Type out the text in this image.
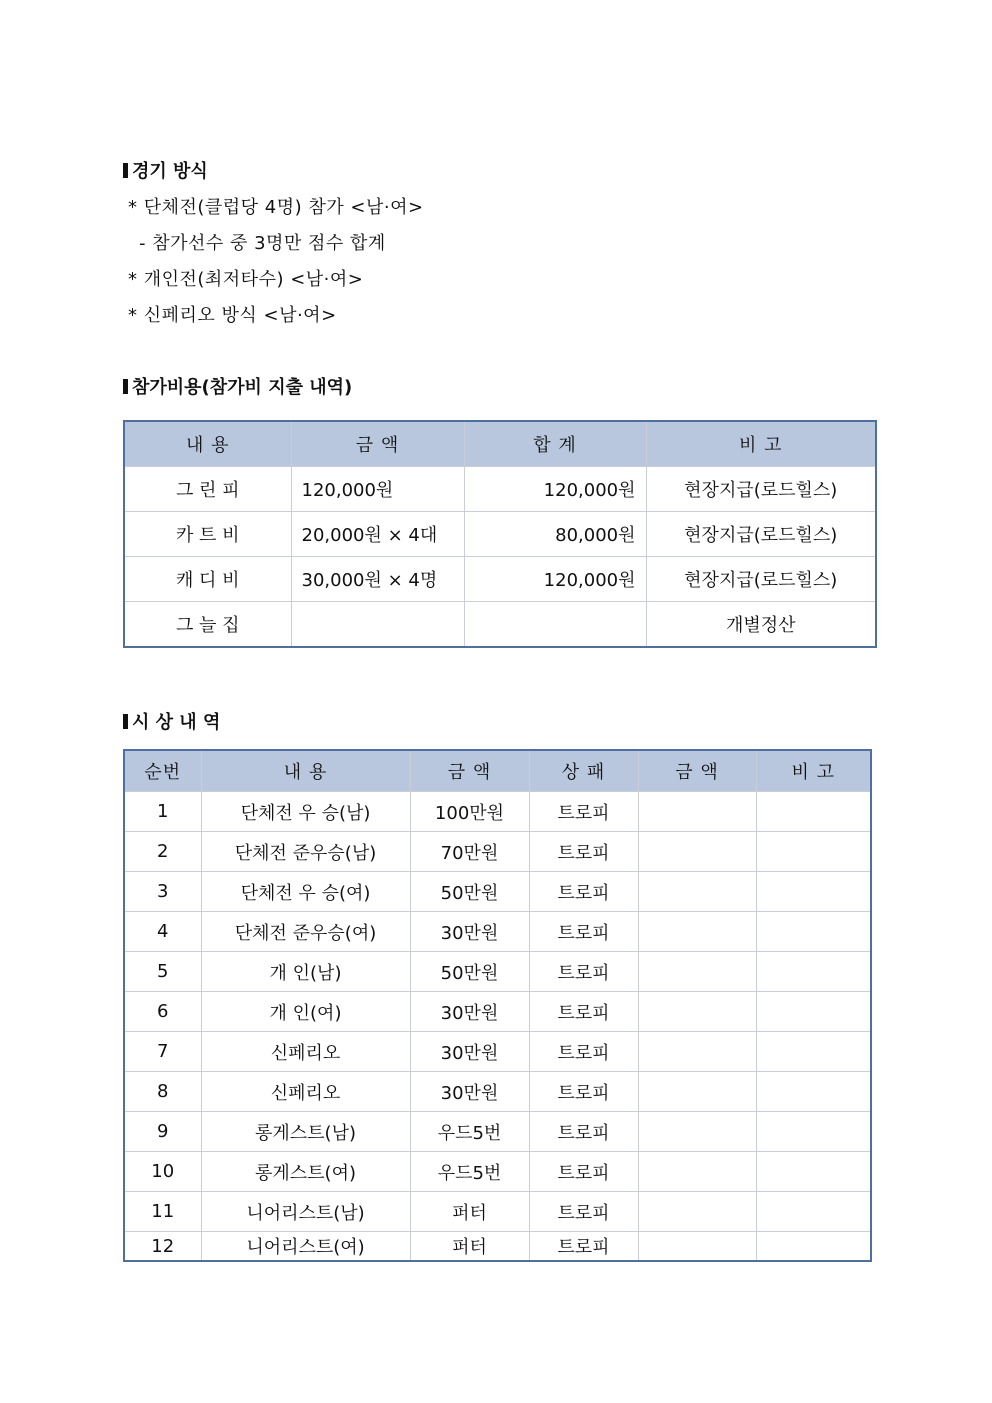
경기 방식
* 단체전(클럽당 4명) 참가 <남·여>
- 참가선수 중 3명만 점수 합계
* 개인전(최저타수) <남·여>
* 신페리오 방식 <남·여>
참가비용(참가비 지출 내역)
내 용	금 액	합 계	비 고
그 린 피	120,000원	120,000원	현장지급(로드힐스)
카 트 비	20,000원 × 4대	80,000원	현장지급(로드힐스)
캐 디 비	30,000원 × 4명	120,000원	현장지급(로드힐스)
그 늘 집			개별정산
시 상 내 역
순번	내 용	금 액	상 패	금 액	비 고
1	단체전 우 승(남)	100만원	트로피		
2	단체전 준우승(남)	70만원	트로피		
3	단체전 우 승(여)	50만원	트로피		
4	단체전 준우승(여)	30만원	트로피		
5	개 인(남)	50만원	트로피		
6	개 인(여)	30만원	트로피		
7	신페리오	30만원	트로피		
8	신페리오	30만원	트로피		
9	롱게스트(남)	우드5번	트로피		
10	롱게스트(여)	우드5번	트로피		
11	니어리스트(남)	퍼터	트로피		
12	니어리스트(여)	퍼터	트로피		
